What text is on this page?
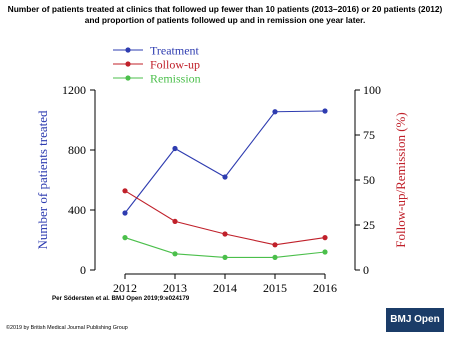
Number of patients treated at clinics that followed up fewer than 10 patients (2013–2016) or 20 patients (2012) and proportion of patients followed up and in remission one year later.
0
400
800
1200
0
25
50
75
100
2012 2013 2014 2015 2016
Treatment
Follow-up
Remission
Number of patients treated	Follow-up/Remission (%)
Per Södersten et al. BMJ Open 2019;9:e024179
©2019 by British Medical Journal Publishing Group
BMJ Open
